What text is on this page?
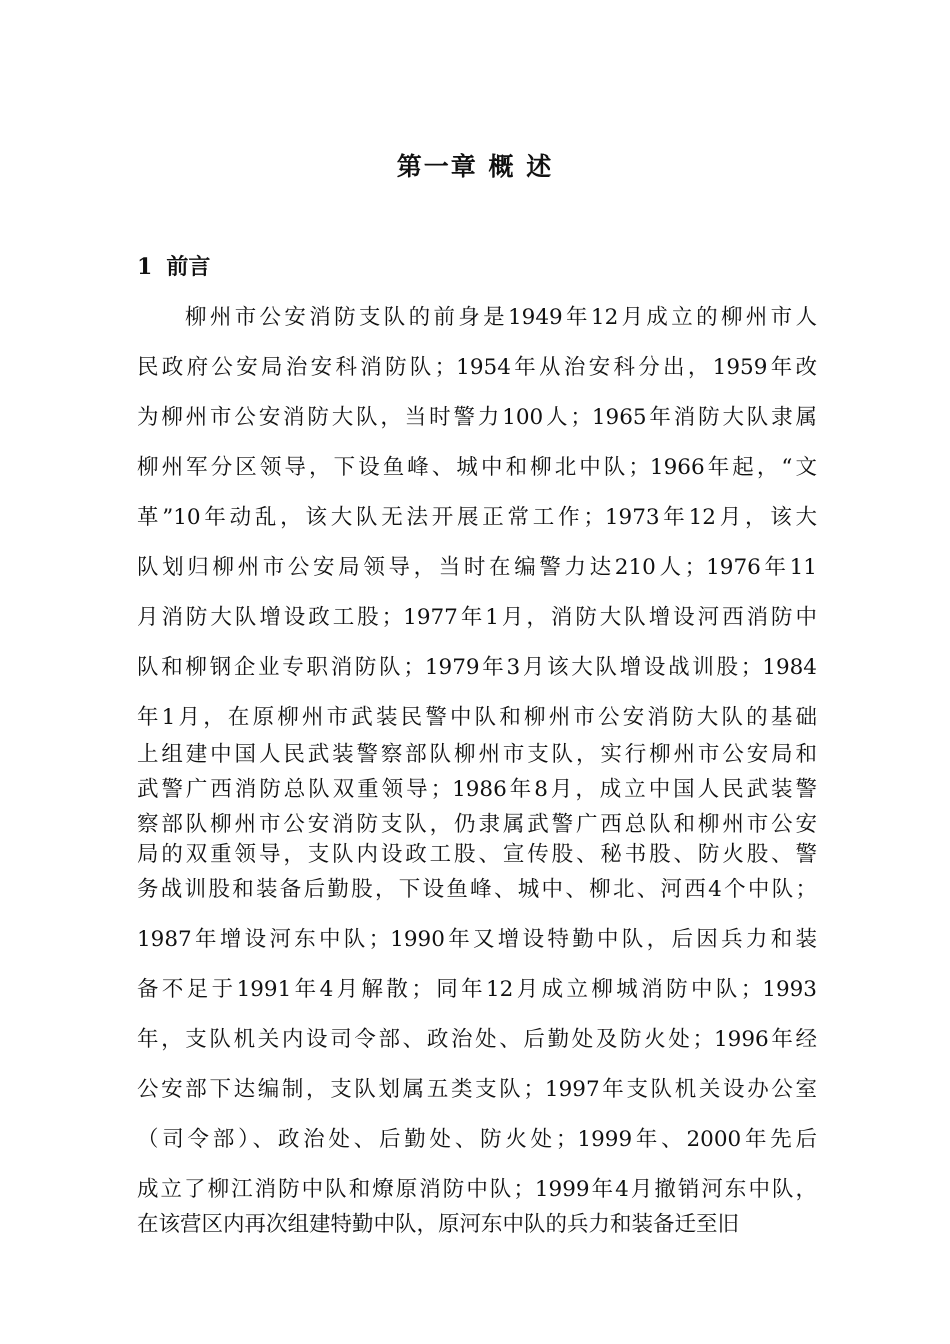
第一章 概 述
1 前言
柳州市公安消防支队的前身是1949年12月成立的柳州市人
民政府公安局治安科消防队；1954年从治安科分出，1959年改
为柳州市公安消防大队，当时警力100人；1965年消防大队隶属
柳州军分区领导，下设鱼峰、城中和柳北中队；1966年起，“文
革”10年动乱，该大队无法开展正常工作；1973年12月，该大
队划归柳州市公安局领导，当时在编警力达210人；1976年11
月消防大队增设政工股；1977年1月，消防大队增设河西消防中
队和柳钢企业专职消防队；1979年3月该大队增设战训股；1984
年1月，在原柳州市武装民警中队和柳州市公安消防大队的基础
上组建中国人民武装警察部队柳州市支队，实行柳州市公安局和
武警广西消防总队双重领导；1986年8月，成立中国人民武装警
察部队柳州市公安消防支队，仍隶属武警广西总队和柳州市公安
局的双重领导，支队内设政工股、宣传股、秘书股、防火股、警
务战训股和装备后勤股，下设鱼峰、城中、柳北、河西4个中队；
1987年增设河东中队；1990年又增设特勤中队，后因兵力和装
备不足于1991年4月解散；同年12月成立柳城消防中队；1993
年，支队机关内设司令部、政治处、后勤处及防火处；1996年经
公安部下达编制，支队划属五类支队；1997年支队机关设办公室
（司令部）、政治处、后勤处、防火处；1999年、2000年先后
成立了柳江消防中队和燎原消防中队；1999年4月撤销河东中队，
在该营区内再次组建特勤中队，原河东中队的兵力和装备迁至旧
